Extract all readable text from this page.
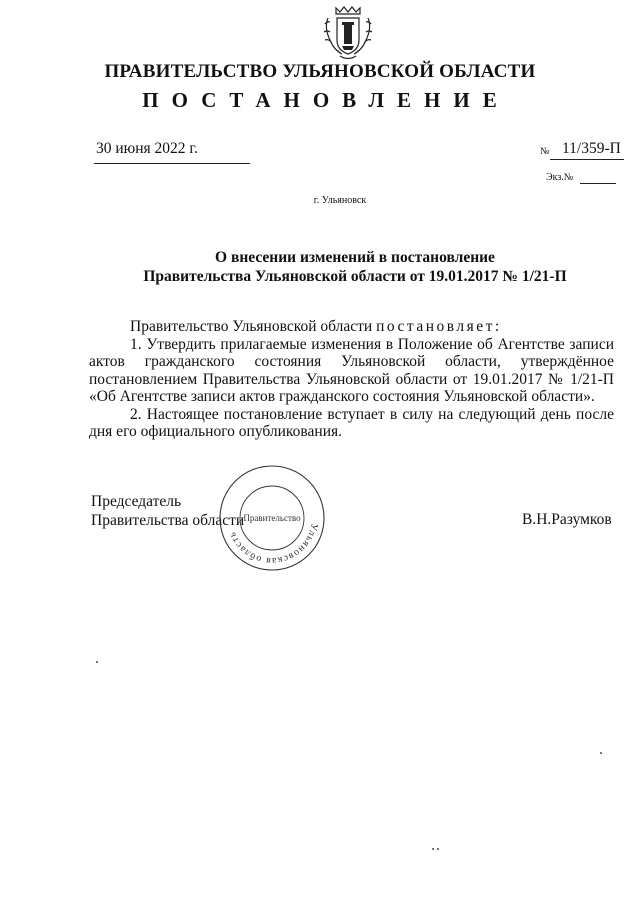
ПРАВИТЕЛЬСТВО УЛЬЯНОВСКОЙ ОБЛАСТИ
ПОСТАНОВЛЕНИЕ
30 июня 2022 г.	№ 11/359-П
Экз.№
г. Ульяновск
О внесении изменений в постановление
Правительства Ульяновской области от 19.01.2017 № 1/21-П

Правительство Ульяновской области постановляет:

1. Утвердить прилагаемые изменения в Положение об Агентстве записи актов гражданского состояния Ульяновской области, утверждённое постановлением Правительства Ульяновской области от 19.01.2017 № 1/21-П «Об Агентстве записи актов гражданского состояния Ульяновской области».

2. Настоящее постановление вступает в силу на следующий день после дня его официального опубликования.

Председатель
Правительства области	Ульяновская область
Правительство	В.Н.Разумков
